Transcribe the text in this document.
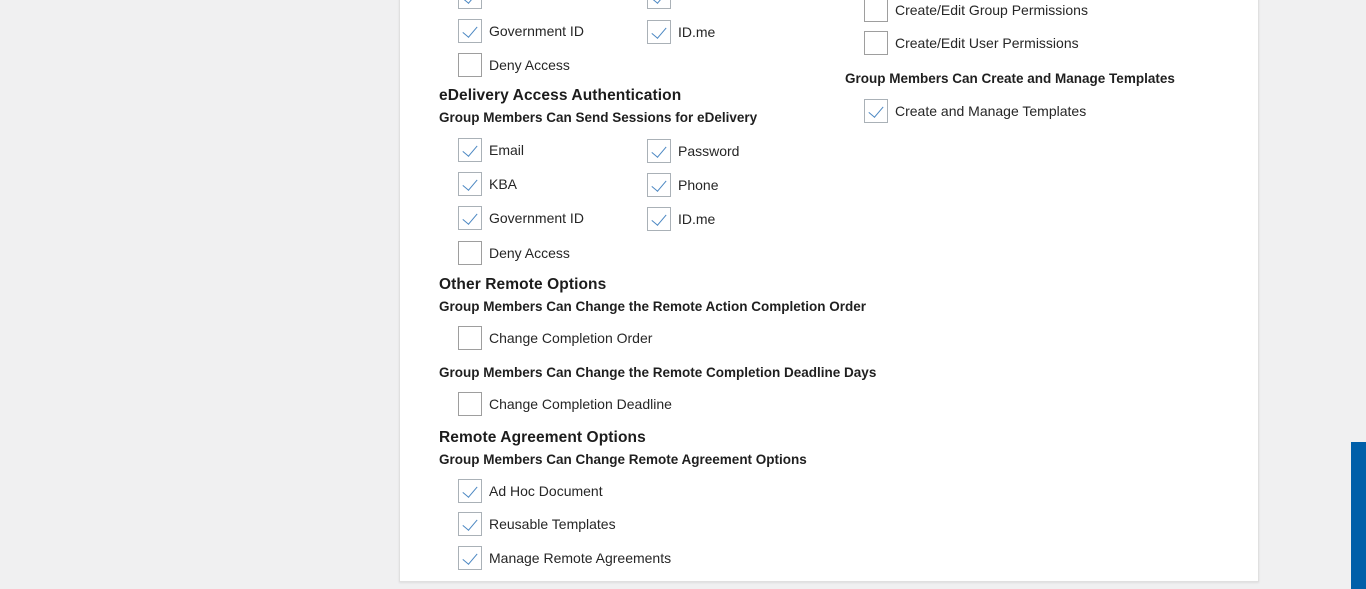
Government ID	ID.me
Deny Access
eDelivery Access Authentication
Group Members Can Send Sessions for eDelivery
Email	Password
KBA	Phone
Government ID	ID.me
Deny Access
Other Remote Options
Group Members Can Change the Remote Action Completion Order
Change Completion Order
Group Members Can Change the Remote Completion Deadline Days
Change Completion Deadline
Remote Agreement Options
Group Members Can Change Remote Agreement Options
Ad Hoc Document
Reusable Templates
Manage Remote Agreements
Create/Edit Group Permissions
Create/Edit User Permissions
Group Members Can Create and Manage Templates
Create and Manage Templates
